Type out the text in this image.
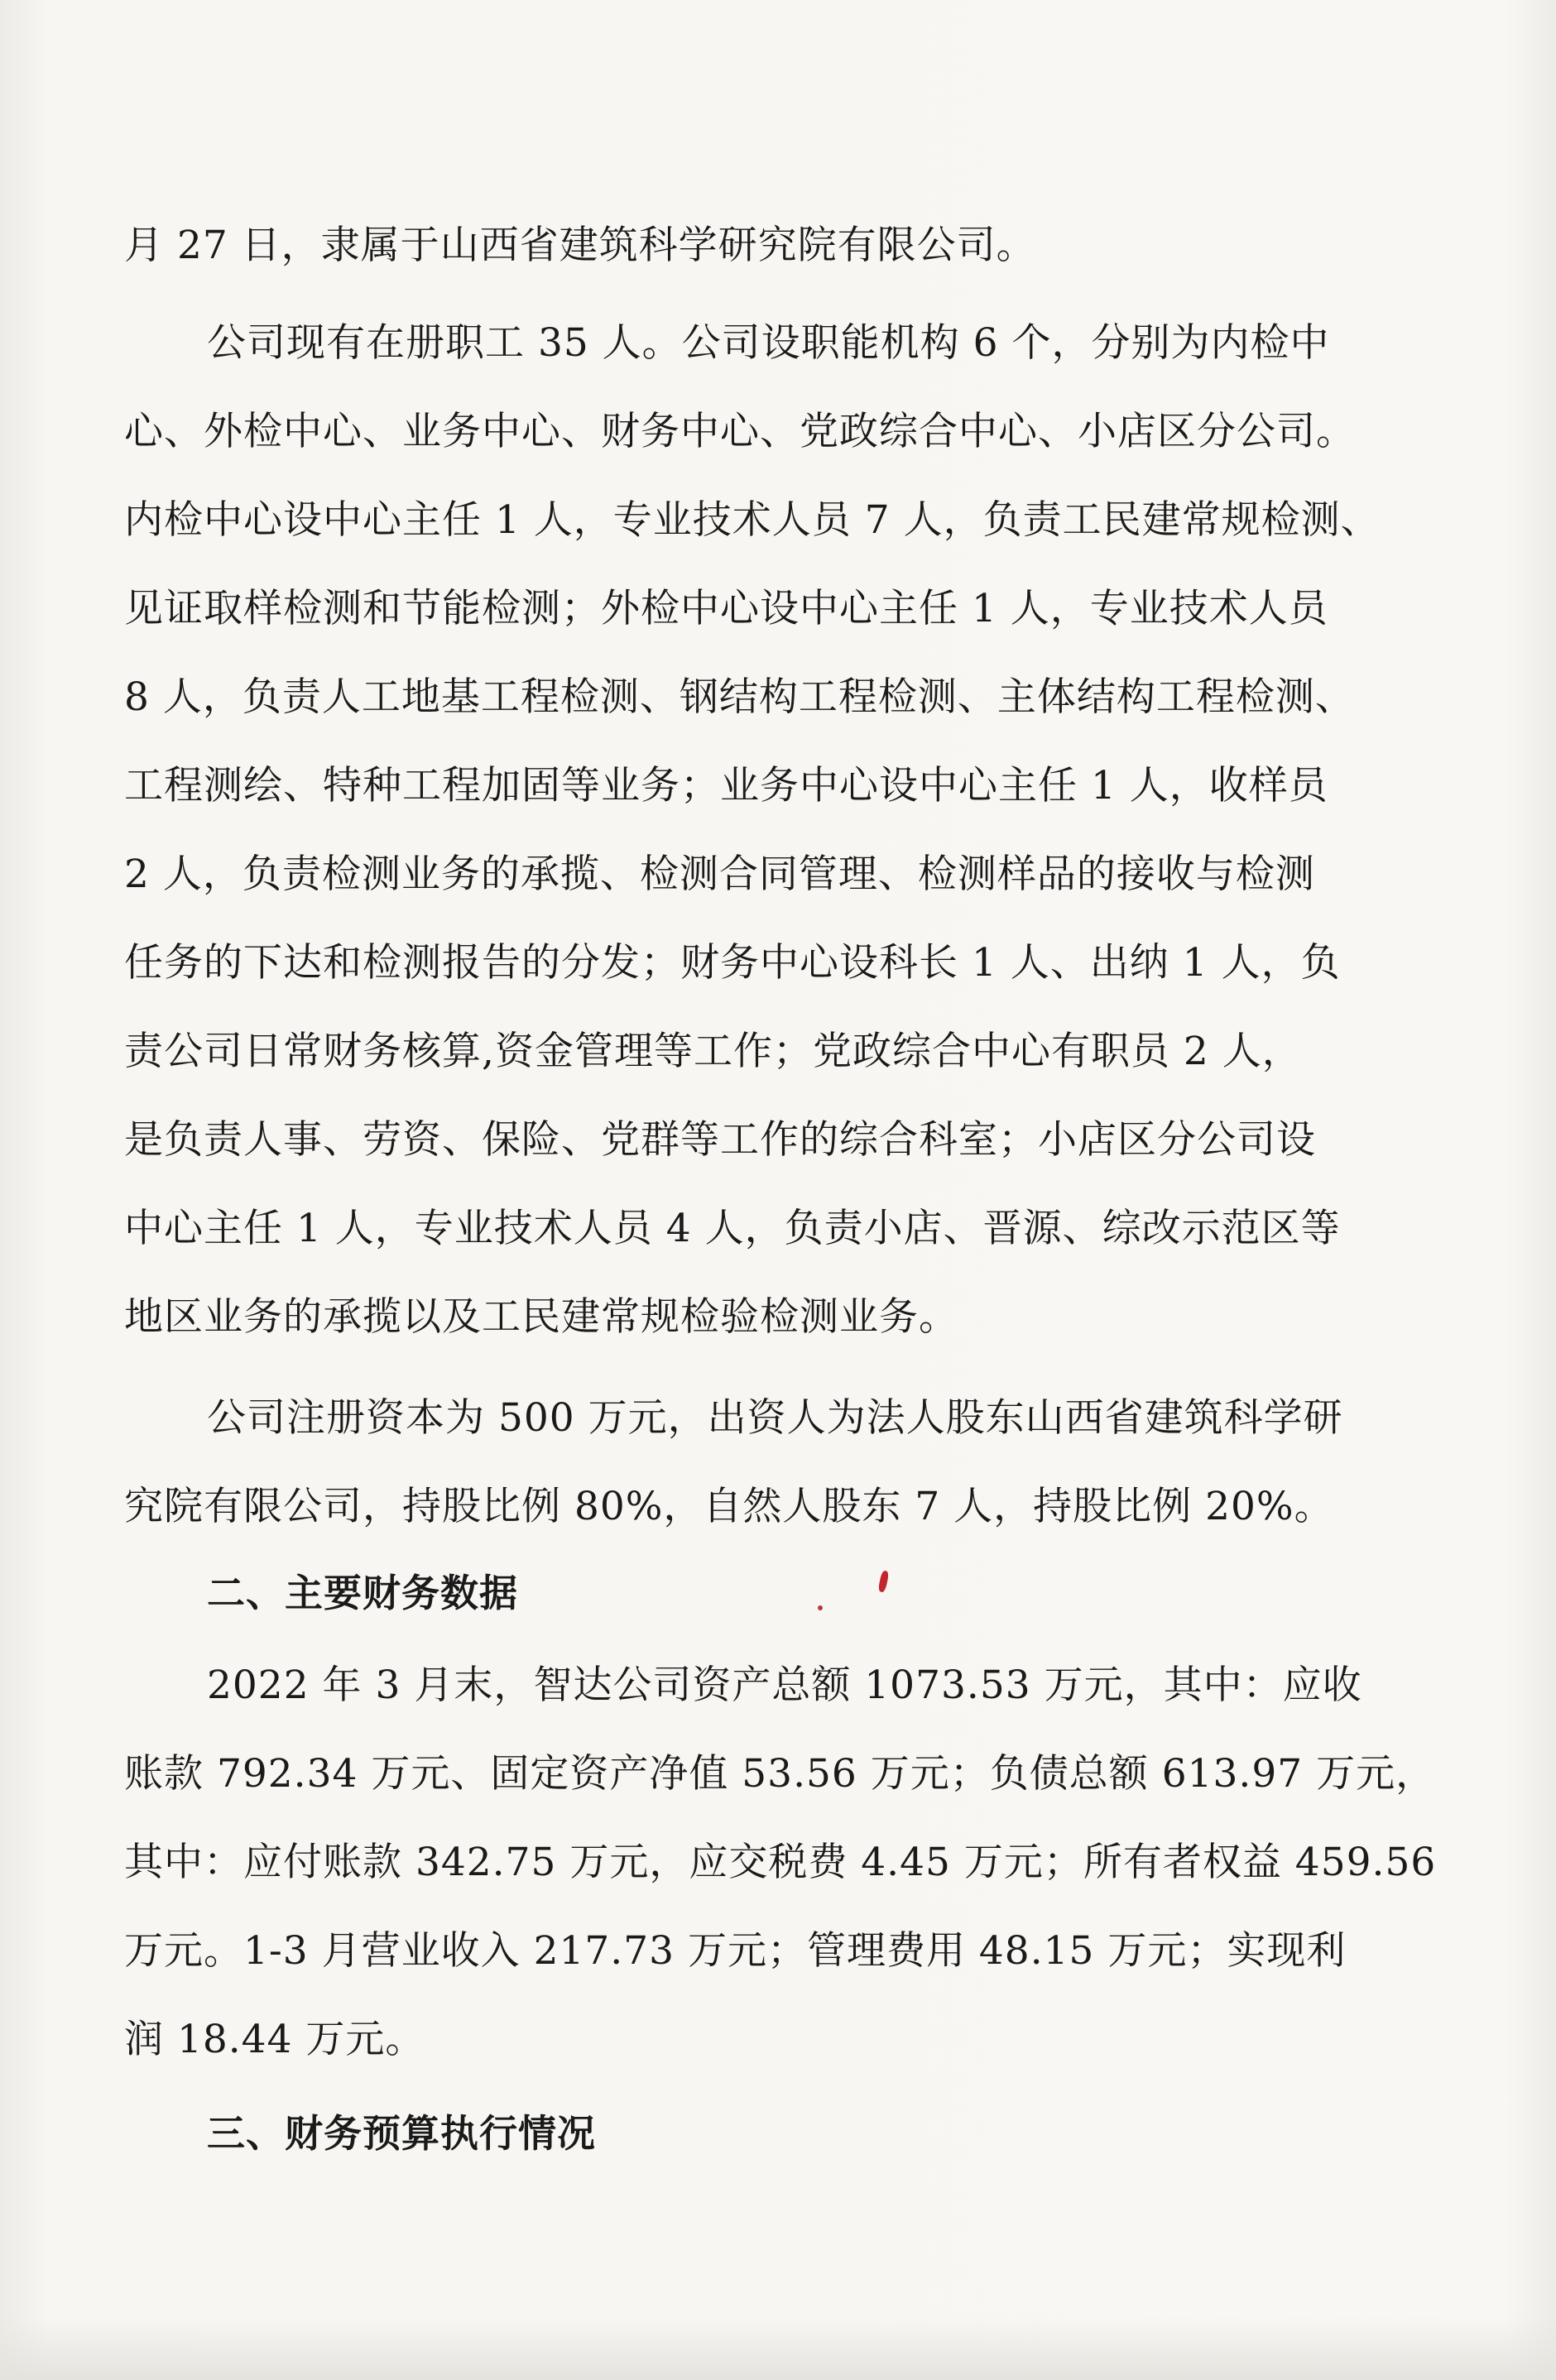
月 27 日，隶属于山西省建筑科学研究院有限公司。
公司现有在册职工 35 人。公司设职能机构 6 个，分别为内检中
心、外检中心、业务中心、财务中心、党政综合中心、小店区分公司。
内检中心设中心主任 1 人，专业技术人员 7 人，负责工民建常规检测、
见证取样检测和节能检测；外检中心设中心主任 1 人，专业技术人员
8 人，负责人工地基工程检测、钢结构工程检测、主体结构工程检测、
工程测绘、特种工程加固等业务；业务中心设中心主任 1 人，收样员
2 人，负责检测业务的承揽、检测合同管理、检测样品的接收与检测
任务的下达和检测报告的分发；财务中心设科长 1 人、出纳 1 人，负
责公司日常财务核算,资金管理等工作；党政综合中心有职员 2 人，
是负责人事、劳资、保险、党群等工作的综合科室；小店区分公司设
中心主任 1 人，专业技术人员 4 人，负责小店、晋源、综改示范区等
地区业务的承揽以及工民建常规检验检测业务。
公司注册资本为 500 万元，出资人为法人股东山西省建筑科学研
究院有限公司，持股比例 80%，自然人股东 7 人，持股比例 20%。
二、主要财务数据
2022 年 3 月末，智达公司资产总额 1073.53 万元，其中：应收
账款 792.34 万元、固定资产净值 53.56 万元；负债总额 613.97 万元，
其中：应付账款 342.75 万元，应交税费 4.45 万元；所有者权益 459.56
万元。1-3 月营业收入 217.73 万元；管理费用 48.15 万元；实现利
润 18.44 万元。
三、财务预算执行情况
